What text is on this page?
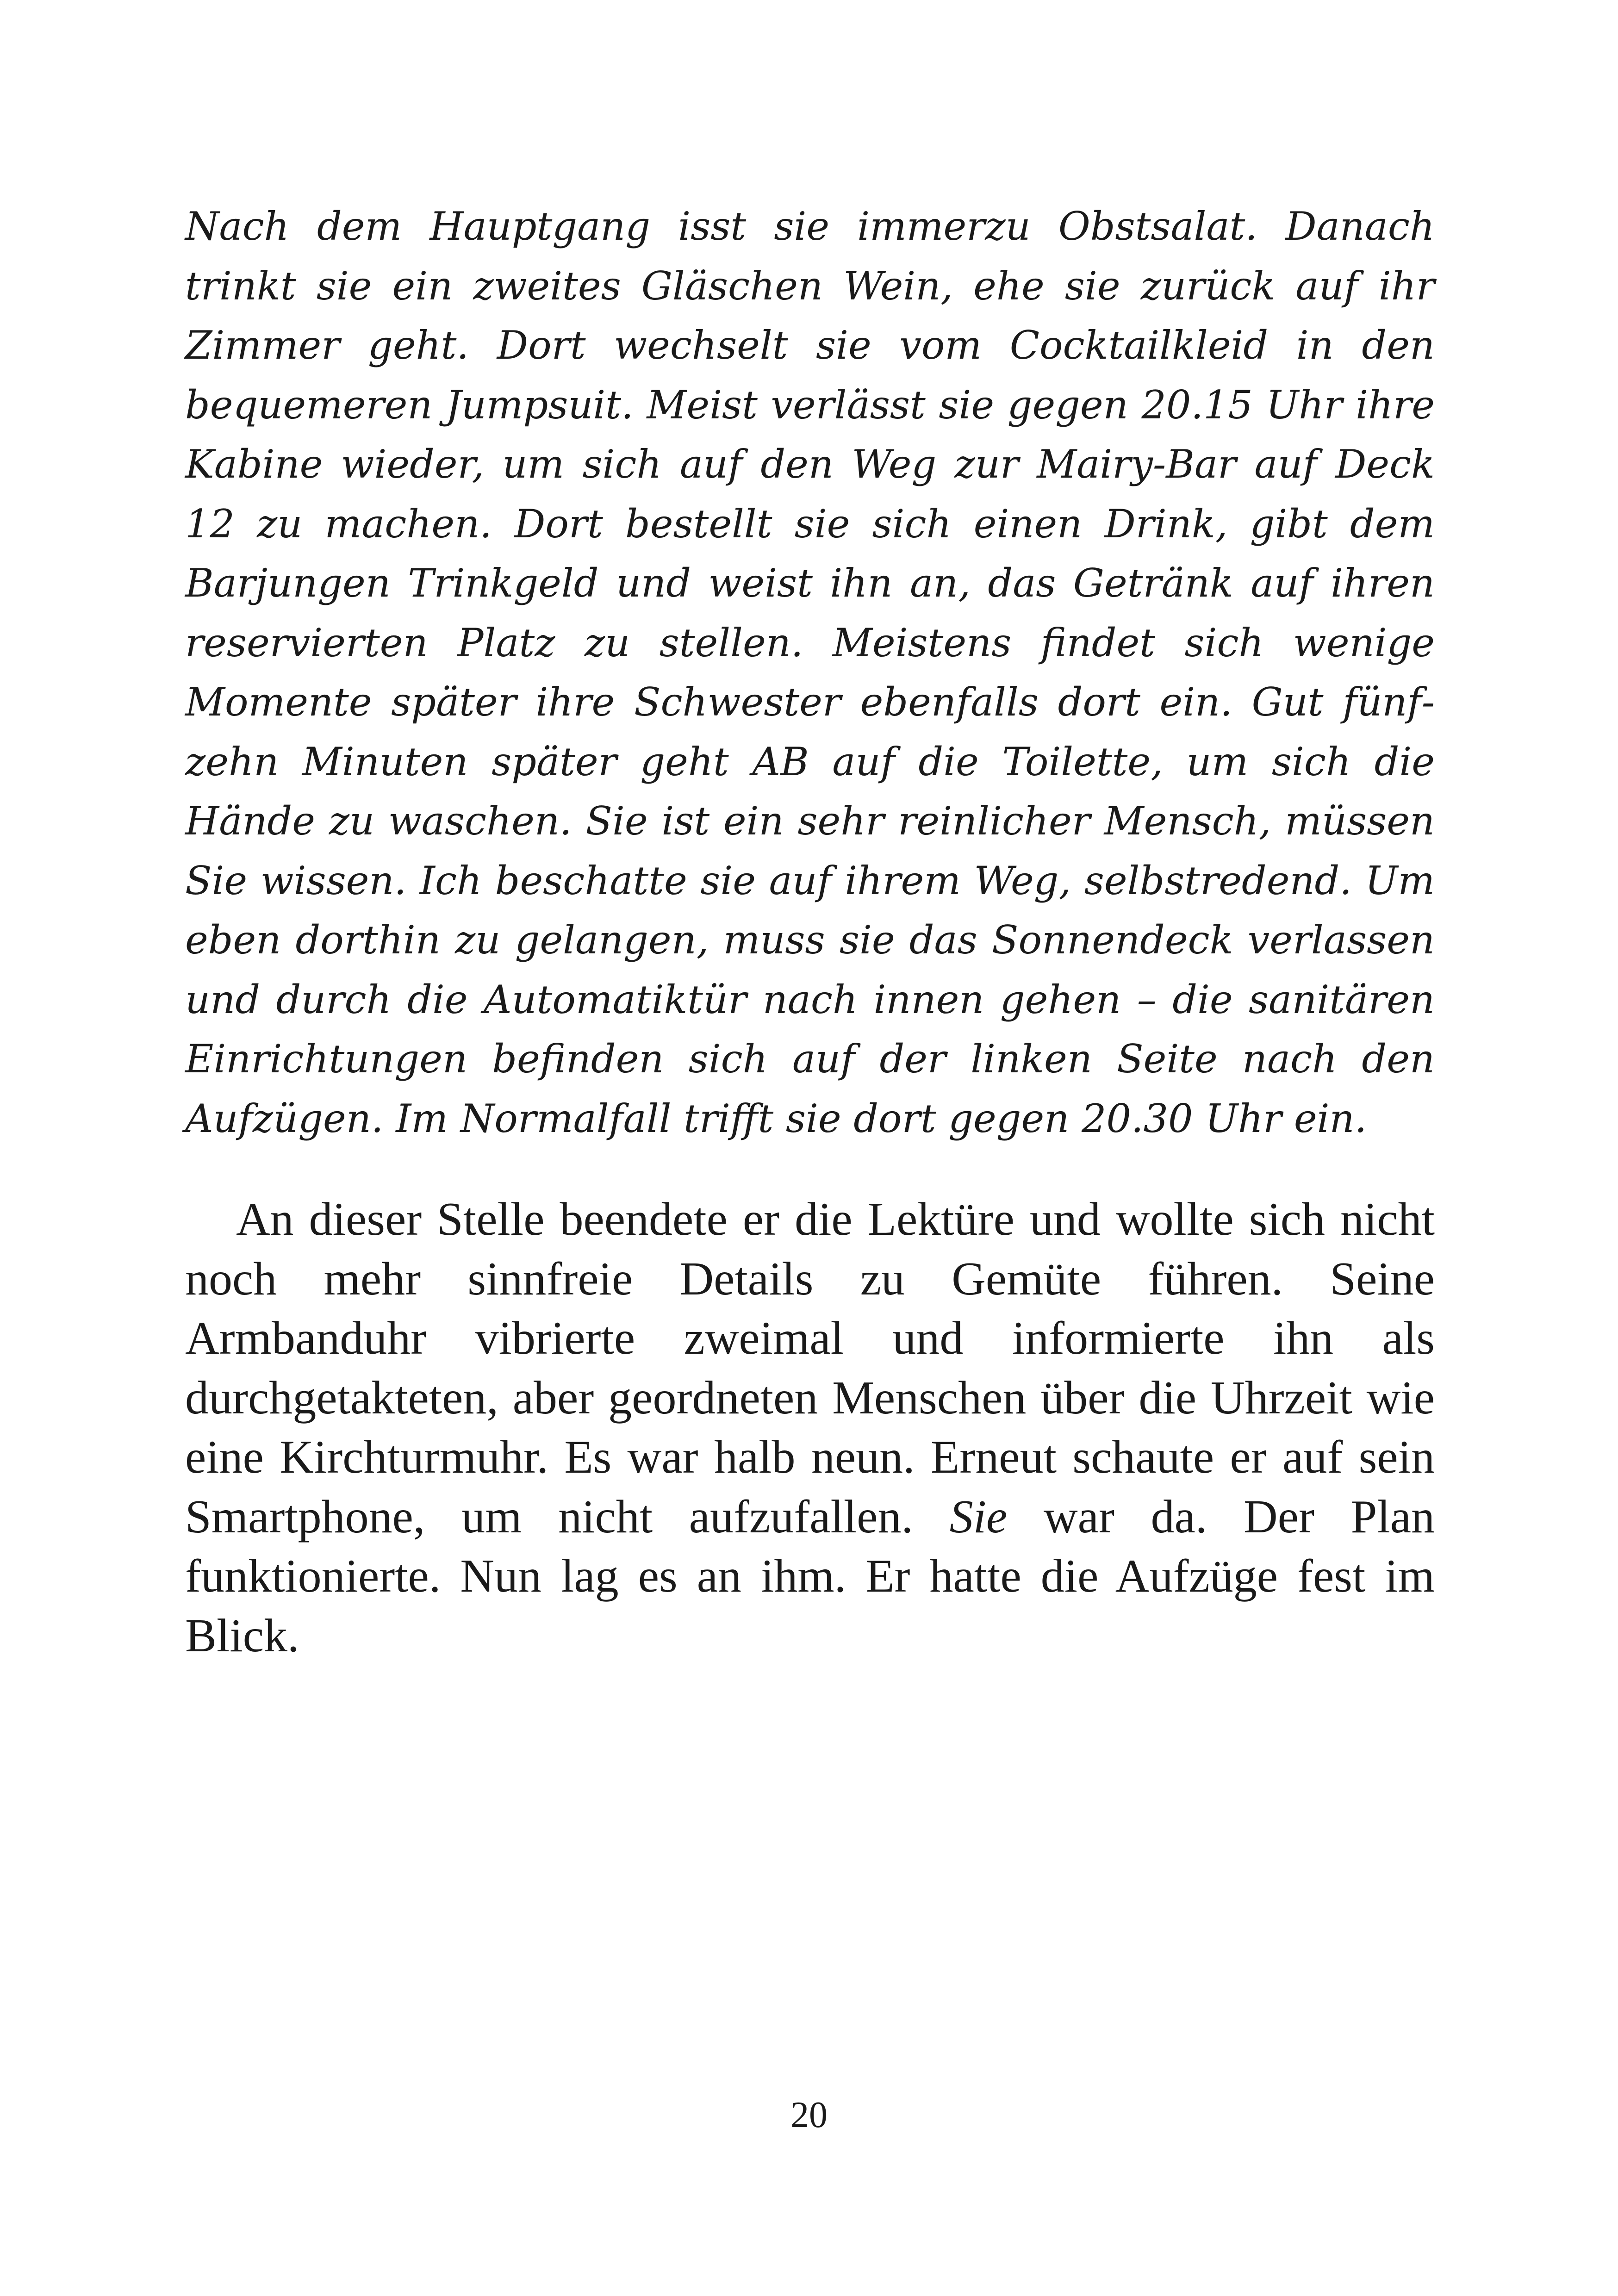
Nach dem Hauptgang isst sie immerzu Obstsalat. Danach trinkt sie ein zweites Gläschen Wein, ehe sie zurück auf ihr Zimmer geht. Dort wechselt sie vom Cocktailkleid in den bequemeren Jumpsuit. Meist verlässt sie gegen 20.15 Uhr ihre Kabine wieder, um sich auf den Weg zur Mairy-Bar auf Deck 12 zu machen. Dort bestellt sie sich einen Drink, gibt dem Barjungen Trinkgeld und weist ihn an, das Getränk auf ihren reservierten Platz zu stellen. Meistens findet sich wenige Momente später ihre Schwester ebenfalls dort ein. Gut fünfzehn Minuten später geht AB auf die Toilette, um sich die Hände zu waschen. Sie ist ein sehr reinlicher Mensch, müssen Sie wissen. Ich beschatte sie auf ihrem Weg, selbstredend. Um eben dorthin zu gelangen, muss sie das Sonnendeck verlassen und durch die Automatiktür nach innen gehen – die sanitären Einrichtungen befinden sich auf der linken Seite nach den Aufzügen. Im Normalfall trifft sie dort gegen 20.30 Uhr ein.

An dieser Stelle beendete er die Lektüre und wollte sich nicht noch mehr sinnfreie Details zu Gemüte führen. Seine Armbanduhr vibrierte zweimal und informierte ihn als durchgetakteten, aber geordneten Menschen über die Uhrzeit wie eine Kirchturmuhr. Es war halb neun. Erneut schaute er auf sein Smartphone, um nicht aufzufallen. Sie war da. Der Plan funktionierte. Nun lag es an ihm. Er hatte die Aufzüge fest im Blick.

20
